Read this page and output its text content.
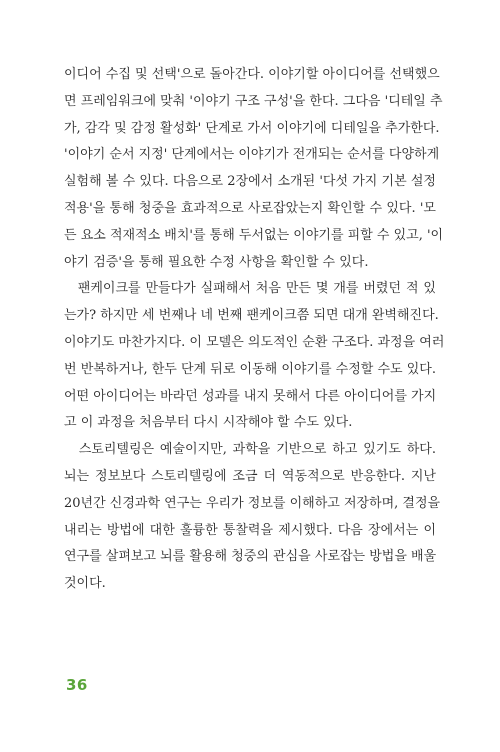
이디어 수집 및 선택'으로 돌아간다. 이야기할 아이디어를 선택했으
면 프레임워크에 맞춰 '이야기 구조 구성'을 한다. 그다음 '디테일 추
가, 감각 및 감정 활성화' 단계로 가서 이야기에 디테일을 추가한다.
'이야기 순서 지정' 단계에서는 이야기가 전개되는 순서를 다양하게
실험해 볼 수 있다. 다음으로 2장에서 소개된 '다섯 가지 기본 설정
적용'을 통해 청중을 효과적으로 사로잡았는지 확인할 수 있다. '모
든 요소 적재적소 배치'를 통해 두서없는 이야기를 피할 수 있고, '이
야기 검증'을 통해 필요한 수정 사항을 확인할 수 있다.
　팬케이크를 만들다가 실패해서 처음 만든 몇 개를 버렸던 적 있
는가? 하지만 세 번째나 네 번째 팬케이크쯤 되면 대개 완벽해진다.
이야기도 마찬가지다. 이 모델은 의도적인 순환 구조다. 과정을 여러
번 반복하거나, 한두 단계 뒤로 이동해 이야기를 수정할 수도 있다.
어떤 아이디어는 바라던 성과를 내지 못해서 다른 아이디어를 가지
고 이 과정을 처음부터 다시 시작해야 할 수도 있다.
　스토리텔링은 예술이지만, 과학을 기반으로 하고 있기도 하다.
뇌는 정보보다 스토리텔링에 조금 더 역동적으로 반응한다. 지난
20년간 신경과학 연구는 우리가 정보를 이해하고 저장하며, 결정을
내리는 방법에 대한 훌륭한 통찰력을 제시했다. 다음 장에서는 이
연구를 살펴보고 뇌를 활용해 청중의 관심을 사로잡는 방법을 배울
것이다.
36
